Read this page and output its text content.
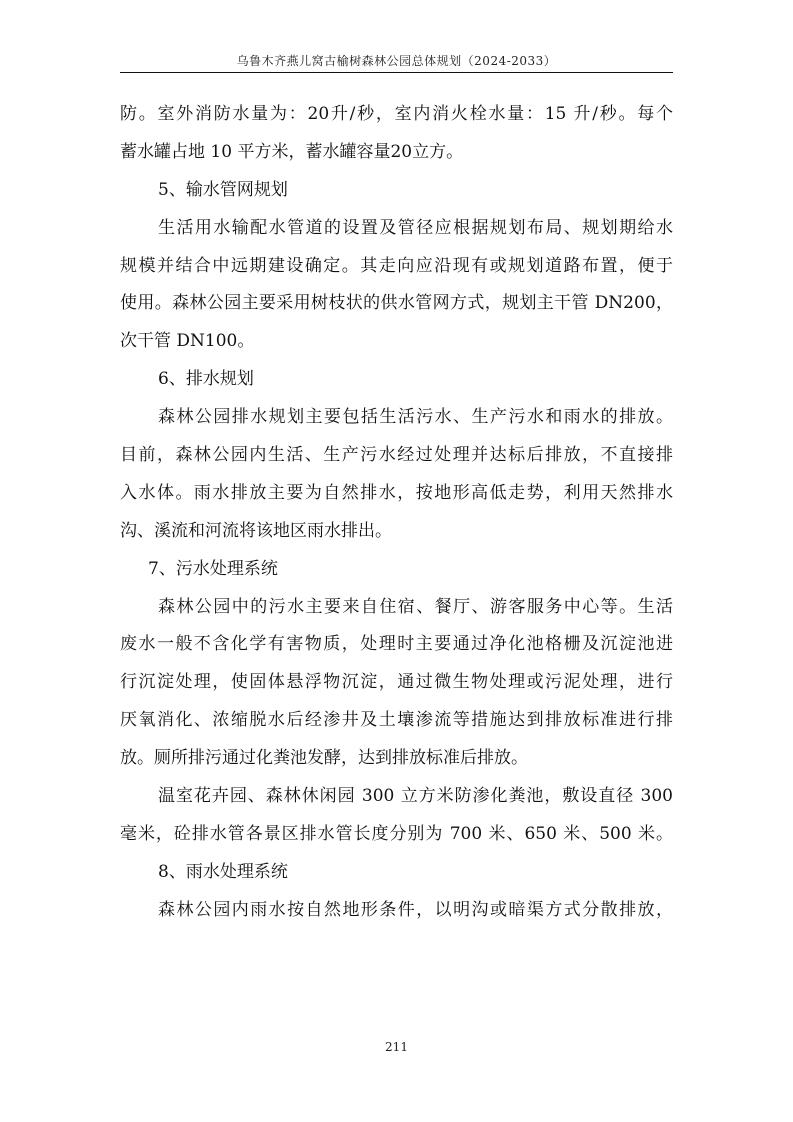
乌鲁木齐燕儿窝古榆树森林公园总体规划（2024-2033）
防。室外消防水量为：20升/秒，室内消火栓水量：15 升/秒。每个
蓄水罐占地 10 平方米，蓄水罐容量20立方。
5、输水管网规划
生活用水输配水管道的设置及管径应根据规划布局、规划期给水
规模并结合中远期建设确定。其走向应沿现有或规划道路布置，便于
使用。森林公园主要采用树枝状的供水管网方式，规划主干管 DN200，
次干管 DN100。
6、排水规划
森林公园排水规划主要包括生活污水、生产污水和雨水的排放。
目前，森林公园内生活、生产污水经过处理并达标后排放，不直接排
入水体。雨水排放主要为自然排水，按地形高低走势，利用天然排水
沟、溪流和河流将该地区雨水排出。
7、污水处理系统
森林公园中的污水主要来自住宿、餐厅、游客服务中心等。生活
废水一般不含化学有害物质，处理时主要通过净化池格栅及沉淀池进
行沉淀处理，使固体悬浮物沉淀，通过微生物处理或污泥处理，进行
厌氧消化、浓缩脱水后经渗井及土壤渗流等措施达到排放标准进行排
放。厕所排污通过化粪池发酵，达到排放标准后排放。
温室花卉园、森林休闲园 300 立方米防渗化粪池，敷设直径 300
毫米，砼排水管各景区排水管长度分别为 700 米、650 米、500 米。
8、雨水处理系统
森林公园内雨水按自然地形条件，以明沟或暗渠方式分散排放，
211
